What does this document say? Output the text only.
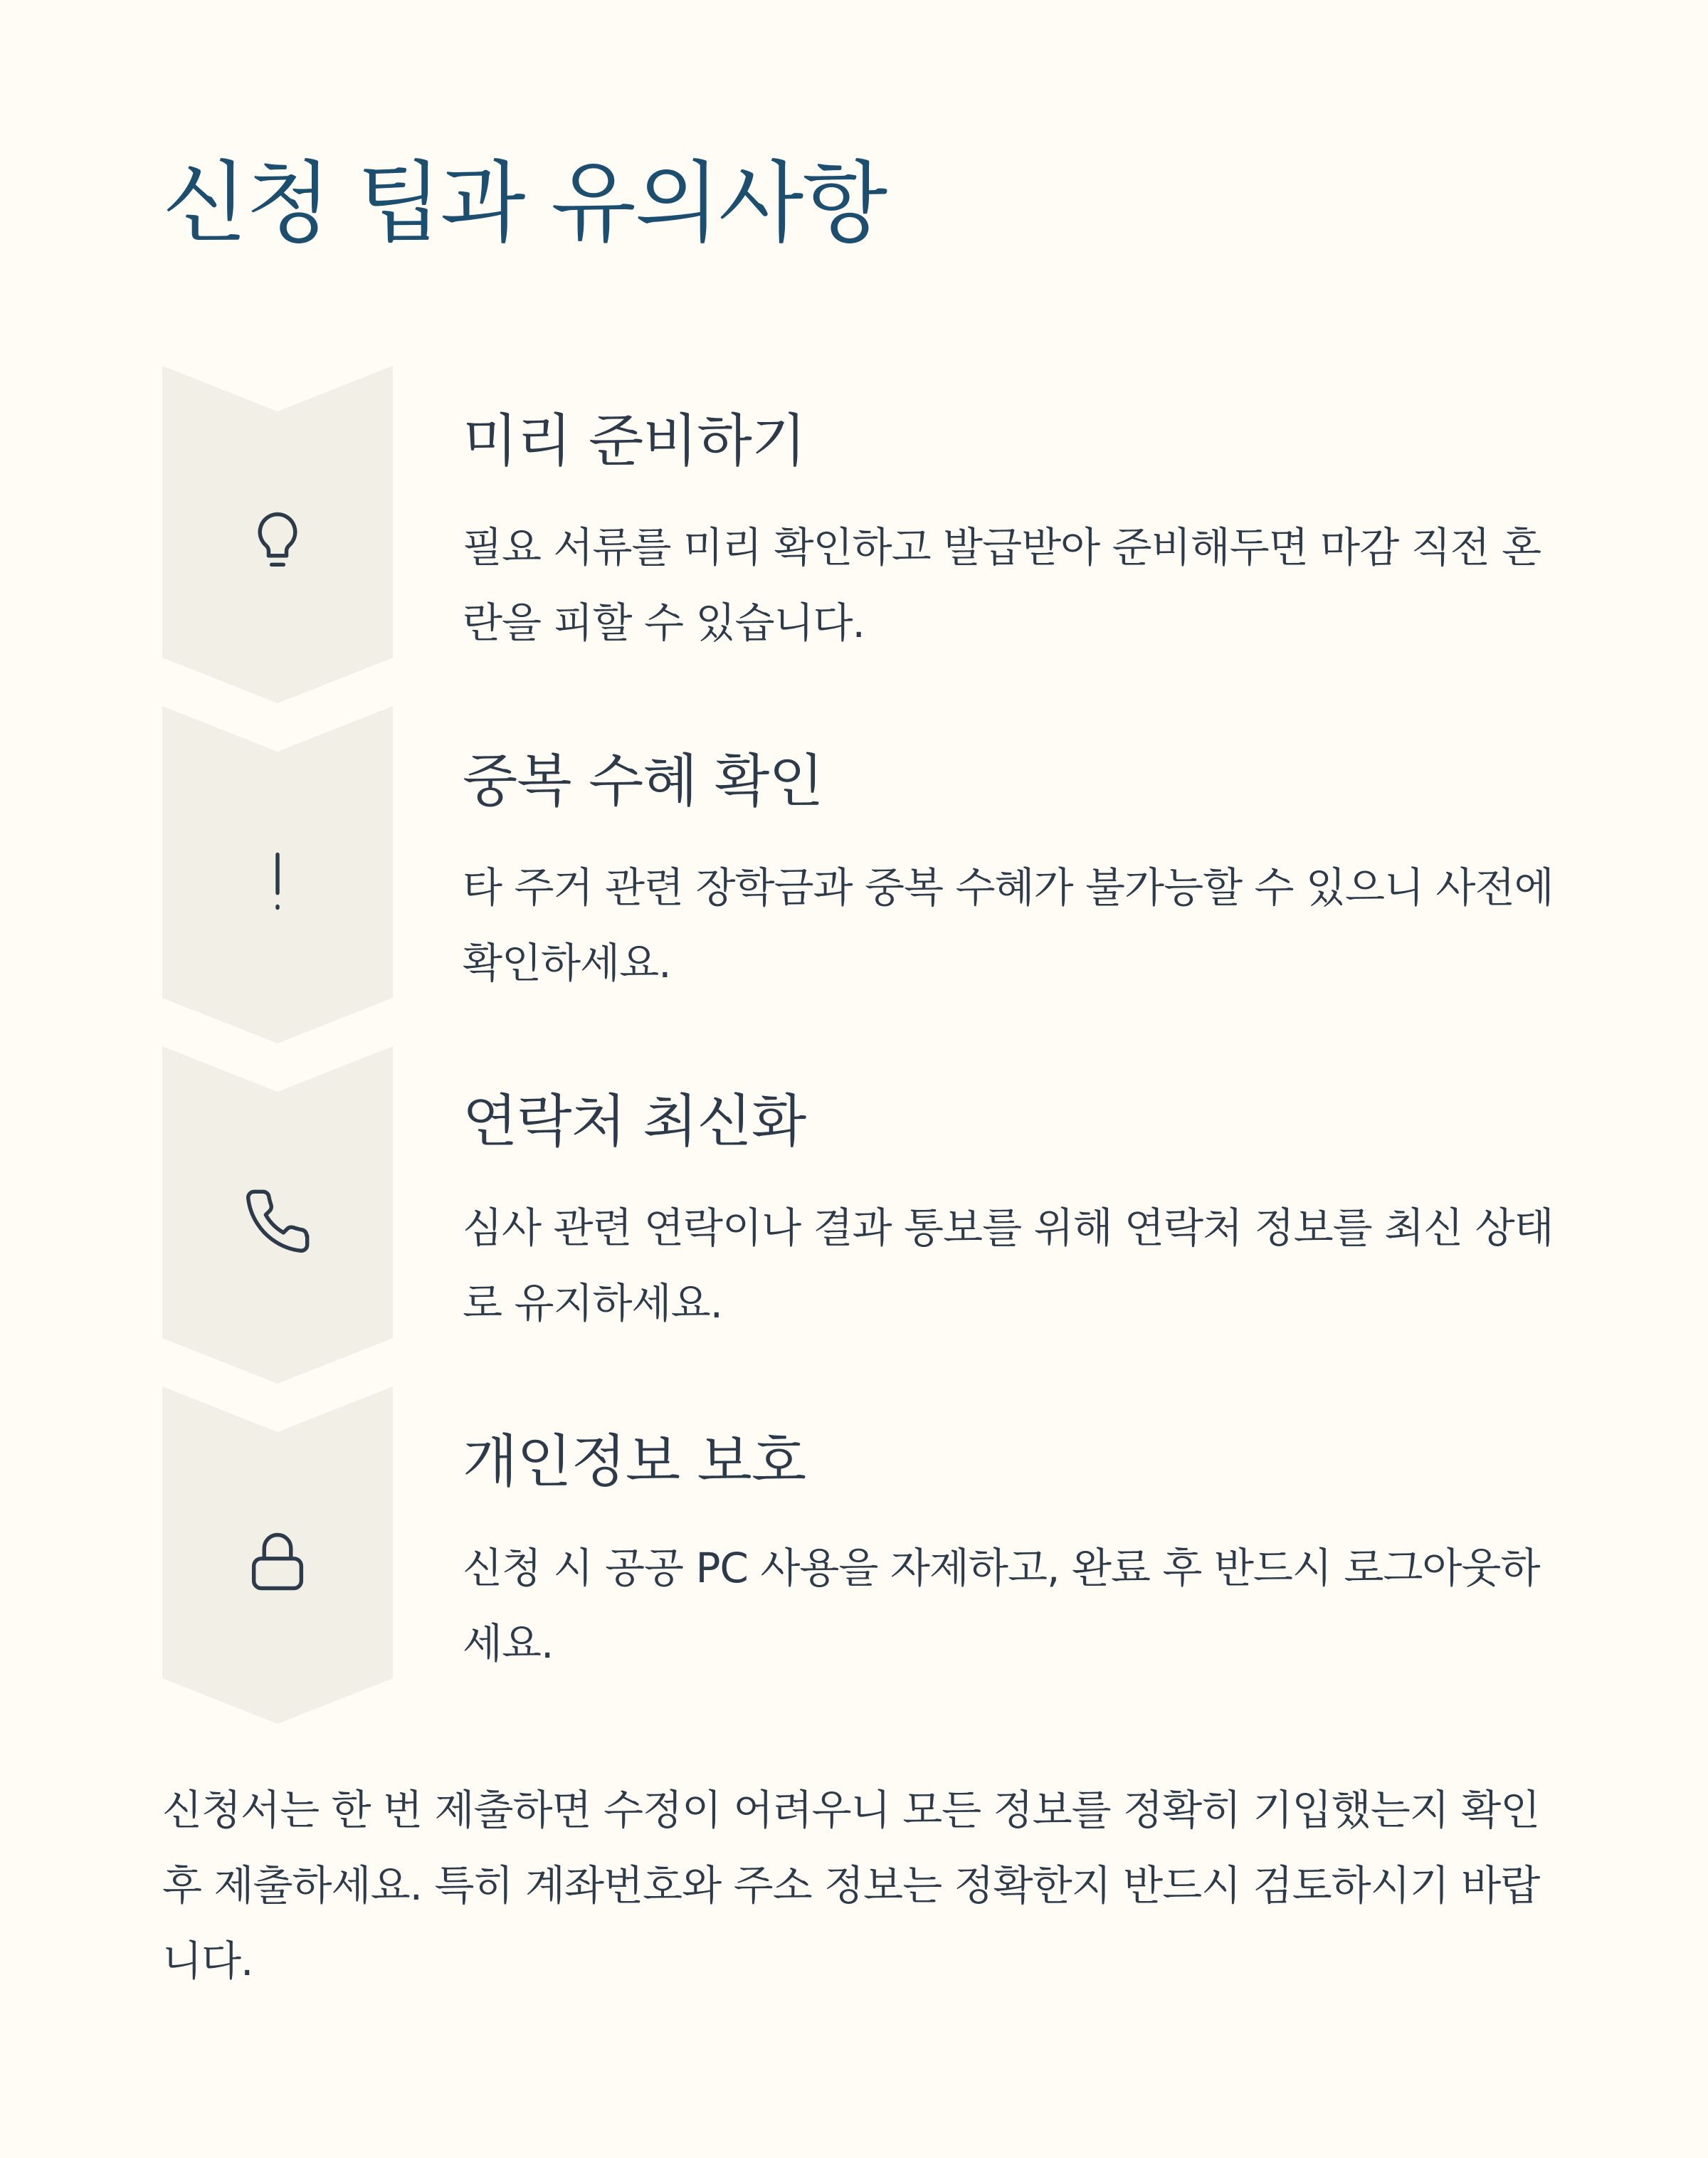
신청 팁과 유의사항
미리 준비하기

필요 서류를 미리 확인하고 발급받아 준비해두면 마감 직전 혼란을 피할 수 있습니다.

중복 수혜 확인

타 주거 관련 장학금과 중복 수혜가 불가능할 수 있으니 사전에 확인하세요.

연락처 최신화

심사 관련 연락이나 결과 통보를 위해 연락처 정보를 최신 상태로 유지하세요.

개인정보 보호

신청 시 공공 PC 사용을 자제하고, 완료 후 반드시 로그아웃하세요.

신청서는 한 번 제출하면 수정이 어려우니 모든 정보를 정확히 기입했는지 확인 후 제출하세요. 특히 계좌번호와 주소 정보는 정확한지 반드시 검토하시기 바랍니다.
